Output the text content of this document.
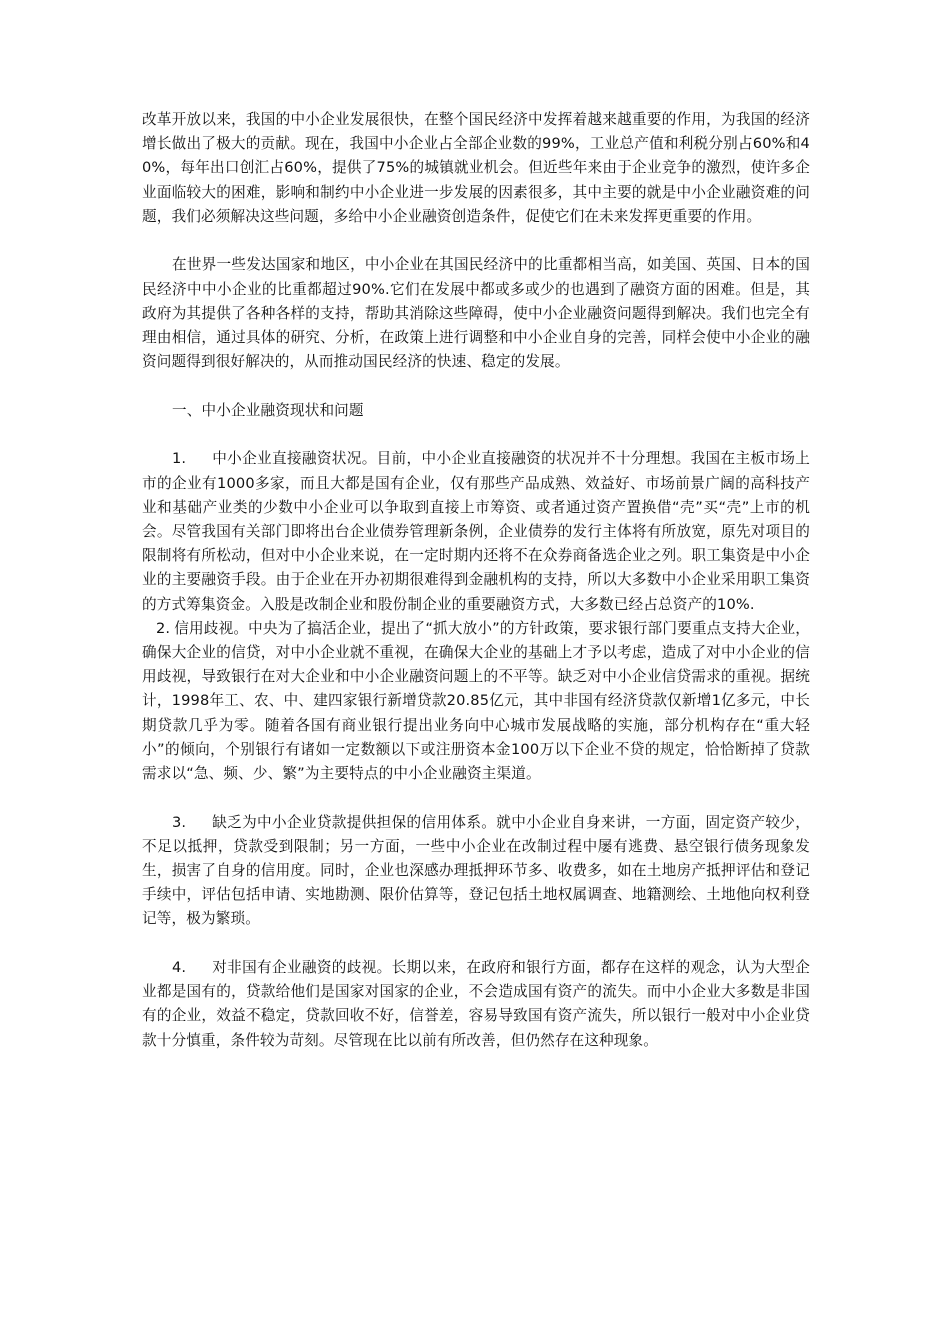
改革开放以来，我国的中小企业发展很快，在整个国民经济中发挥着越来越重要的作用，为我国的经济增长做出了极大的贡献。现在，我国中小企业占全部企业数的99%，工业总产值和利税分别占60%和40%，每年出口创汇占60%，提供了75%的城镇就业机会。但近些年来由于企业竞争的激烈，使许多企业面临较大的困难，影响和制约中小企业进一步发展的因素很多，其中主要的就是中小企业融资难的问题，我们必须解决这些问题，多给中小企业融资创造条件，促使它们在未来发挥更重要的作用。

在世界一些发达国家和地区，中小企业在其国民经济中的比重都相当高，如美国、英国、日本的国民经济中中小企业的比重都超过90%.它们在发展中都或多或少的也遇到了融资方面的困难。但是，其政府为其提供了各种各样的支持，帮助其消除这些障碍，使中小企业融资问题得到解决。我们也完全有理由相信，通过具体的研究、分析，在政策上进行调整和中小企业自身的完善，同样会使中小企业的融资问题得到很好解决的，从而推动国民经济的快速、稳定的发展。

一、中小企业融资现状和问题

1. 中小企业直接融资状况。目前，中小企业直接融资的状况并不十分理想。我国在主板市场上市的企业有1000多家，而且大都是国有企业，仅有那些产品成熟、效益好、市场前景广阔的高科技产业和基础产业类的少数中小企业可以争取到直接上市筹资、或者通过资产置换借“壳”买“壳”上市的机会。尽管我国有关部门即将出台企业债券管理新条例，企业债券的发行主体将有所放宽，原先对项目的限制将有所松动，但对中小企业来说，在一定时期内还将不在众券商备选企业之列。职工集资是中小企业的主要融资手段。由于企业在开办初期很难得到金融机构的支持，所以大多数中小企业采用职工集资的方式筹集资金。入股是改制企业和股份制企业的重要融资方式，大多数已经占总资产的10%.

2. 信用歧视。中央为了搞活企业，提出了“抓大放小”的方针政策，要求银行部门要重点支持大企业，确保大企业的信贷，对中小企业就不重视，在确保大企业的基础上才予以考虑，造成了对中小企业的信用歧视，导致银行在对大企业和中小企业融资问题上的不平等。缺乏对中小企业信贷需求的重视。据统计，1998年工、农、中、建四家银行新增贷款20.85亿元，其中非国有经济贷款仅新增1亿多元，中长期贷款几乎为零。随着各国有商业银行提出业务向中心城市发展战略的实施，部分机构存在“重大轻小”的倾向，个别银行有诸如一定数额以下或注册资本金100万以下企业不贷的规定，恰恰断掉了贷款需求以“急、频、少、繁”为主要特点的中小企业融资主渠道。

3. 缺乏为中小企业贷款提供担保的信用体系。就中小企业自身来讲，一方面，固定资产较少，不足以抵押，贷款受到限制；另一方面，一些中小企业在改制过程中屡有逃费、悬空银行债务现象发生，损害了自身的信用度。同时，企业也深感办理抵押环节多、收费多，如在土地房产抵押评估和登记手续中，评估包括申请、实地勘测、限价估算等，登记包括土地权属调查、地籍测绘、土地他向权利登记等，极为繁琐。

4. 对非国有企业融资的歧视。长期以来，在政府和银行方面，都存在这样的观念，认为大型企业都是国有的，贷款给他们是国家对国家的企业，不会造成国有资产的流失。而中小企业大多数是非国有的企业，效益不稳定，贷款回收不好，信誉差，容易导致国有资产流失，所以银行一般对中小企业贷款十分慎重，条件较为苛刻。尽管现在比以前有所改善，但仍然存在这种现象。
